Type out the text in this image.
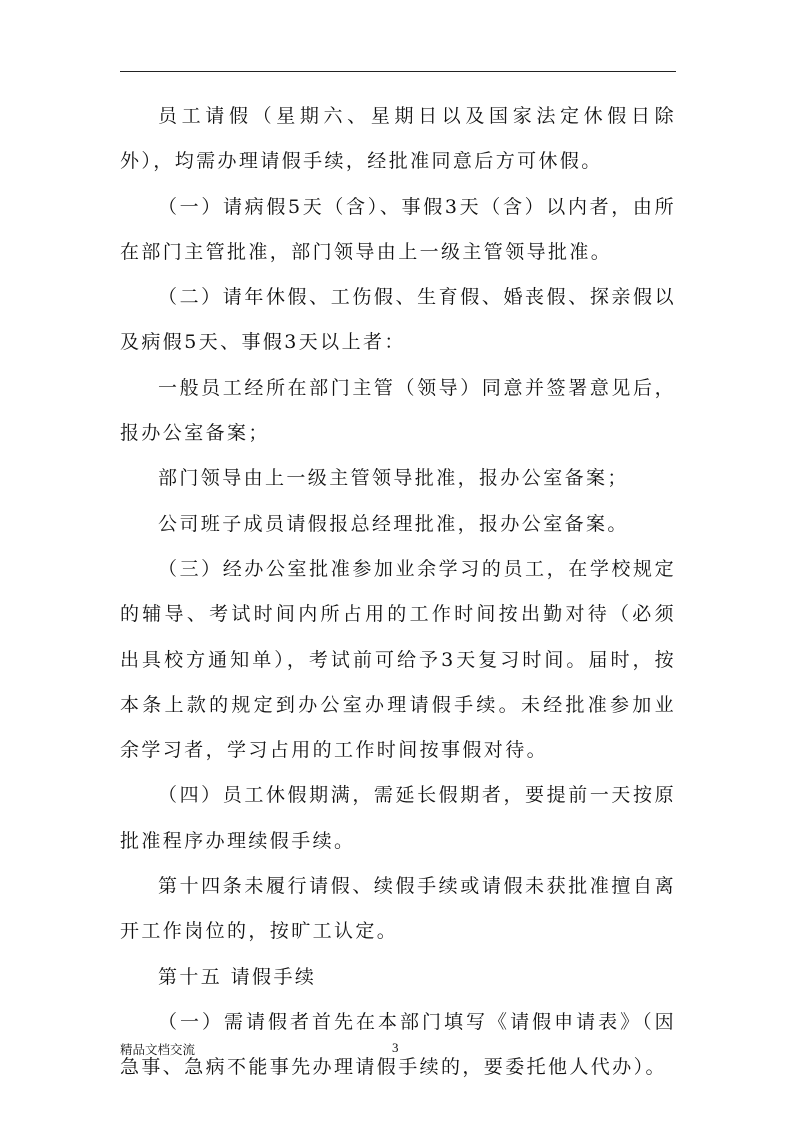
员工请假（星期六、星期日以及国家法定休假日除外），均需办理请假手续，经批准同意后方可休假。

（一）请病假5天（含）、事假3天（含）以内者，由所在部门主管批准，部门领导由上一级主管领导批准。

（二）请年休假、工伤假、生育假、婚丧假、探亲假以及病假5天、事假3天以上者：

一般员工经所在部门主管（领导）同意并签署意见后，报办公室备案；

部门领导由上一级主管领导批准，报办公室备案；

公司班子成员请假报总经理批准，报办公室备案。

（三）经办公室批准参加业余学习的员工，在学校规定的辅导、考试时间内所占用的工作时间按出勤对待（必须出具校方通知单），考试前可给予3天复习时间。届时，按本条上款的规定到办公室办理请假手续。未经批准参加业余学习者，学习占用的工作时间按事假对待。

（四）员工休假期满，需延长假期者，要提前一天按原批准程序办理续假手续。

第十四条未履行请假、续假手续或请假未获批准擅自离开工作岗位的，按旷工认定。

第十五 请假手续

（一）需请假者首先在本部门填写《请假申请表》（因急事、急病不能事先办理请假手续的，要委托他人代办）。

精品文档交流	3
